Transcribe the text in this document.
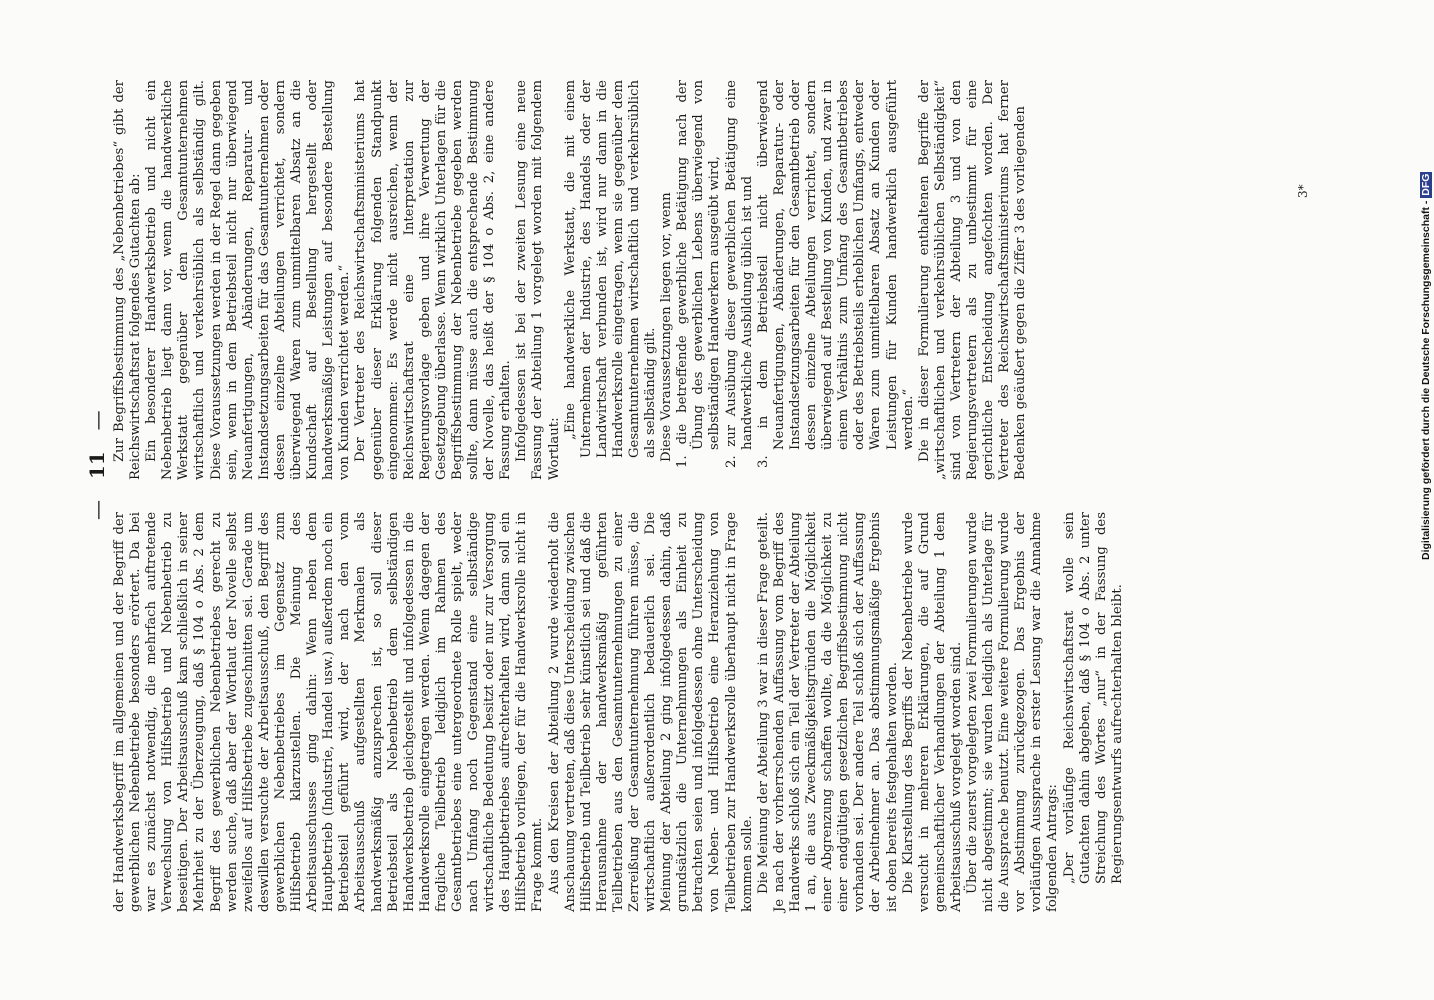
—   11   —

der Handwerksbegriff im allgemeinen und der Begriff der gewerblichen Nebenbetriebe besonders erörtert. Da bei war es zunächst notwendig, die mehrfach auftretende Verwechslung von Hilfsbetrieb und Nebenbetrieb zu beseitigen. Der Arbeitsausschuß kam schließlich in seiner Mehrheit zu der Überzeugung, daß § 104 o Abs. 2 dem Begriff des gewerblichen Nebenbetriebes gerecht zu werden suche, daß aber der Wortlaut der Novelle selbst zweifellos auf Hilfsbetriebe zugeschnitten sei. Gerade um deswillen versuchte der Arbeitsausschuß, den Begriff des gewerblichen Nebenbetriebes im Gegensatz zum Hilfsbetrieb klarzustellen. Die Meinung des Arbeitsausschusses ging dahin: Wenn neben dem Hauptbetrieb (Industrie, Handel usw.) außerdem noch ein Betriebsteil geführt wird, der nach den vom Arbeitsausschuß aufgestellten Merkmalen als handwerksmäßig anzusprechen ist, so soll dieser Betriebsteil als Nebenbetrieb dem selbständigen Handwerksbetrieb gleichgestellt und infolgedessen in die Handwerksrolle eingetragen werden. Wenn dagegen der fragliche Teilbetrieb lediglich im Rahmen des Gesamtbetriebes eine untergeordnete Rolle spielt, weder nach Umfang noch Gegenstand eine selbständige wirtschaftliche Bedeutung besitzt oder nur zur Versorgung des Hauptbetriebes aufrechterhalten wird, dann soll ein Hilfsbetrieb vorliegen, der für die Handwerksrolle nicht in Frage kommt. Aus den Kreisen der Abteilung 2 wurde wiederholt die Anschauung vertreten, daß diese Unterscheidung zwischen Hilfsbetrieb und Teilbetrieb sehr künstlich sei und daß die Herausnahme der handwerksmäßig geführten Teilbetrieben aus den Gesamtunternehmungen zu einer Zerreißung der Gesamtunternehmung führen müsse, die wirtschaftlich außerordentlich bedauerlich sei. Die Meinung der Abteilung 2 ging infolgedessen dahin, daß grundsätzlich die Unternehmungen als Einheit zu betrachten seien und infolgedessen ohne Unterscheidung von Neben- und Hilfsbetrieb eine Heranziehung von Teilbetrieben zur Handwerksrolle überhaupt nicht in Frage kommen solle. Die Meinung der Abteilung 3 war in dieser Frage geteilt. Je nach der vorherrschenden Auffassung vom Begriff des Handwerks schloß sich ein Teil der Vertreter der Abteilung 1 an, die aus Zweckmäßigkeitsgründen die Möglichkeit einer Abgrenzung schaffen wollte, da die Möglichkeit zu einer endgültigen gesetzlichen Begriffsbestimmung nicht vorhanden sei. Der andere Teil schloß sich der Auffassung der Arbeitnehmer an. Das abstimmungsmäßige Ergebnis ist oben bereits festgehalten worden. Die Klarstellung des Begriffs der Nebenbetriebe wurde versucht in mehreren Erklärungen, die auf Grund gemeinschaftlicher Verhandlungen der Abteilung 1 dem Arbeitsausschuß vorgelegt worden sind. Über die zuerst vorgelegten zwei Formulierungen wurde nicht abgestimmt; sie wurden lediglich als Unterlage für die Aussprache benutzt. Eine weitere Formulierung wurde vor Abstimmung zurückgezogen. Das Ergebnis der vorläufigen Aussprache in erster Lesung war die Annahme folgenden Antrags: „Der vorläufige Reichswirtschaftsrat wolle sein Gutachten dahin abgeben, daß § 104 o Abs. 2 unter Streichung des Wortes „nur“ in der Fassung des Regierungsentwurfs aufrechterhalten bleibt.

Zur Begriffsbestimmung des „Nebenbetriebes“ gibt der Reichswirtschaftsrat folgendes Gutachten ab: Ein besonderer Handwerksbetrieb und nicht ein Nebenbetrieb liegt dann vor, wenn die handwerkliche Werkstatt gegenüber dem Gesamtunternehmen wirtschaftlich und verkehrsüblich als selbständig gilt. Diese Voraussetzungen werden in der Regel dann gegeben sein, wenn in dem Betriebsteil nicht nur überwiegend Neuanfertigungen, Abänderungen, Reparatur- und Instandsetzungsarbeiten für das Gesamtunternehmen oder dessen einzelne Abteilungen verrichtet, sondern überwiegend Waren zum unmittelbaren Absatz an die Kundschaft auf Bestellung hergestellt oder handwerksmäßige Leistungen auf besondere Bestellung von Kunden verrichtet werden.“ Der Vertreter des Reichswirtschaftsministeriums hat gegenüber dieser Erklärung folgenden Standpunkt eingenommen: Es werde nicht ausreichen, wenn der Reichswirtschaftsrat eine Interpretation zur Regierungsvorlage geben und ihre Verwertung der Gesetzgebung überlasse. Wenn wirklich Unterlagen für die Begriffsbestimmung der Nebenbetriebe gegeben werden sollte, dann müsse auch die entsprechende Bestimmung der Novelle, das heißt der § 104 o Abs. 2, eine andere Fassung erhalten. Infolgedessen ist bei der zweiten Lesung eine neue Fassung der Abteilung 1 vorgelegt worden mit folgendem Wortlaut:

„Eine handwerkliche Werkstatt, die mit einem Unternehmen der Industrie, des Handels oder der Landwirtschaft verbunden ist, wird nur dann in die Handwerksrolle eingetragen, wenn sie gegenüber dem Gesamtunternehmen wirtschaftlich und verkehrsüblich als selbständig gilt. Diese Voraussetzungen liegen vor, wenn 1. die betreffende gewerbliche Betätigung nach der Übung des gewerblichen Lebens überwiegend von selbständigen Handwerkern ausgeübt wird,

2. zur Ausübung dieser gewerblichen Betätigung eine handwerkliche Ausbildung üblich ist und

3. in dem Betriebsteil nicht überwiegend Neuanfertigungen, Abänderungen, Reparatur- oder Instandsetzungsarbeiten für den Gesamtbetrieb oder dessen einzelne Abteilungen verrichtet, sondern überwiegend auf Bestellung von Kunden, und zwar in einem Verhältnis zum Umfang des Gesamtbetriebes oder des Betriebsteils erheblichen Umfangs, entweder Waren zum unmittelbaren Absatz an Kunden oder Leistungen für Kunden handwerklich ausgeführt werden.“ Die in dieser Formulierung enthaltenen Begriffe der „wirtschaftlichen und verkehrsüblichen Selbständigkeit“ sind von Vertretern der Abteilung 3 und von den Regierungsvertretern als zu unbestimmt für eine gerichtliche Entscheidung angefochten worden. Der Vertreter des Reichswirtschaftsministeriums hat ferner Bedenken geäußert gegen die Ziffer 3 des vorliegenden	3*
Digitalisierung gefördert durch die Deutsche Forschungsgemeinschaft - DFG
